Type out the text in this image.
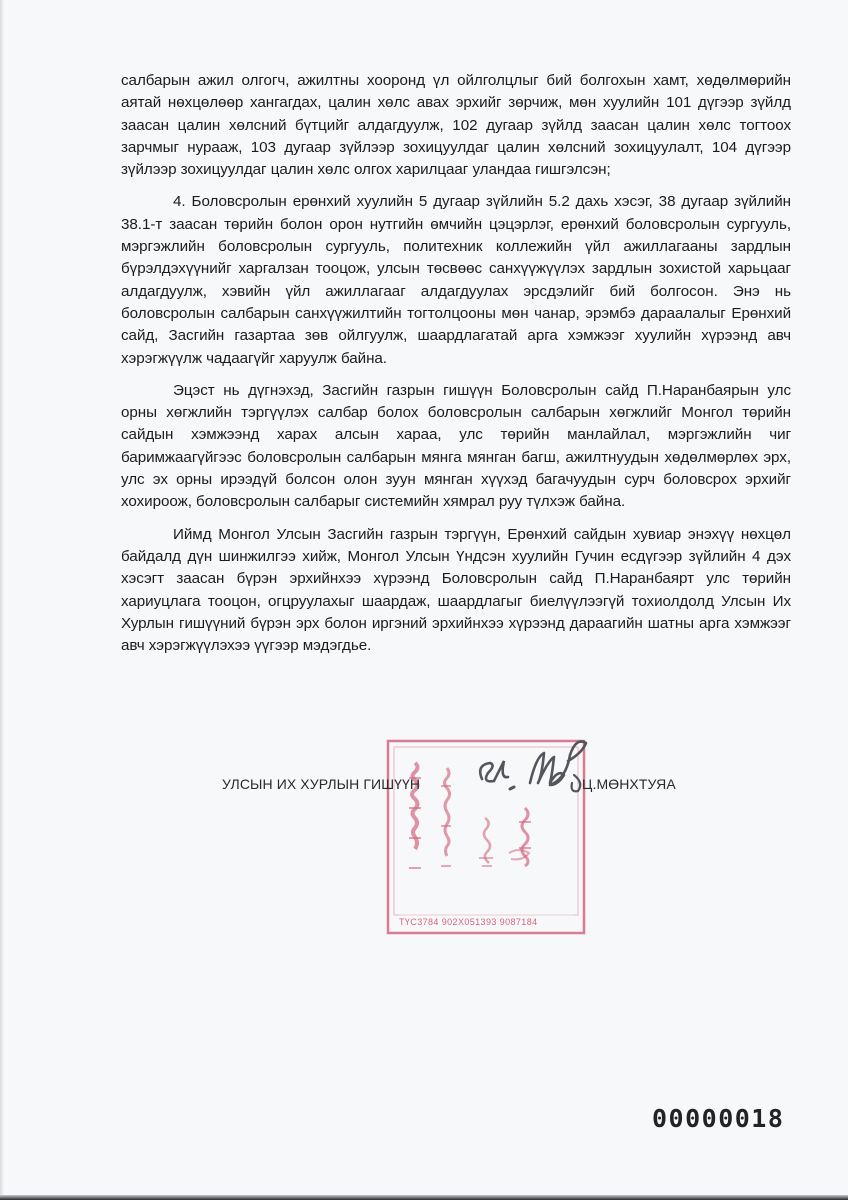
салбарын ажил олгогч, ажилтны хооронд үл ойлголцлыг бий болгохын хамт, хөдөлмөрийн аятай нөхцөлөөр хангагдах, цалин хөлс авах эрхийг зөрчиж, мөн хуулийн 101 дүгээр зүйлд заасан цалин хөлсний бүтцийг алдагдуулж, 102 дугаар зүйлд заасан цалин хөлс тогтоох зарчмыг нурааж, 103 дугаар зүйлээр зохицуулдаг цалин хөлсний зохицуулалт, 104 дүгээр зүйлээр зохицуулдаг цалин хөлс олгох харилцааг уландаа гишгэлсэн;

4. Боловсролын ерөнхий хуулийн 5 дугаар зүйлийн 5.2 дахь хэсэг, 38 дугаар зүйлийн 38.1-т заасан төрийн болон орон нутгийн өмчийн цэцэрлэг, ерөнхий боловсролын сургууль, мэргэжлийн боловсролын сургууль, политехник коллежийн үйл ажиллагааны зардлын бүрэлдэхүүнийг харгалзан тооцож, улсын төсвөөс санхүүжүүлэх зардлын зохистой харьцааг алдагдуулж, хэвийн үйл ажиллагааг алдагдуулах эрсдэлийг бий болгосон. Энэ нь боловсролын салбарын санхүүжилтийн тогтолцооны мөн чанар, эрэмбэ дараалалыг Ерөнхий сайд, Засгийн газартаа зөв ойлгуулж, шаардлагатай арга хэмжээг хуулийн хүрээнд авч хэрэгжүүлж чадаагүйг харуулж байна.

Эцэст нь дүгнэхэд, Засгийн газрын гишүүн Боловсролын сайд П.Наранбаярын улс орны хөгжлийн тэргүүлэх салбар болох боловсролын салбарын хөгжлийг Монгол төрийн сайдын хэмжээнд харах алсын хараа, улс төрийн манлайлал, мэргэжлийн чиг баримжаагүйгээс боловсролын салбарын мянга мянган багш, ажилтнуудын хөдөлмөрлөх эрх, улс эх орны ирээдүй болсон олон зуун мянган хүүхэд багачуудын сурч боловсрох эрхийг хохироож, боловсролын салбарыг системийн хямрал руу түлхэж байна.

Иймд Монгол Улсын Засгийн газрын тэргүүн, Ерөнхий сайдын хувиар энэхүү нөхцөл байдалд дүн шинжилгээ хийж, Монгол Улсын Үндсэн хуулийн Гучин есдүгээр зүйлийн 4 дэх хэсэгт заасан бүрэн эрхийнхээ хүрээнд Боловсролын сайд П.Наранбаярт улс төрийн хариуцлага тооцон, огцруулахыг шаардаж, шаардлагыг биелүүлээгүй тохиолдолд Улсын Их Хурлын гишүүний бүрэн эрх болон иргэний эрхийнхээ хүрээнд дараагийн шатны арга хэмжээг авч хэрэгжүүлэхээ үүгээр мэдэгдье.

ТҮС3784 902Х051393 9087184
УЛСЫН ИХ ХУРЛЫН ГИШҮҮН	Ц.МӨНХТУЯА
00000018
